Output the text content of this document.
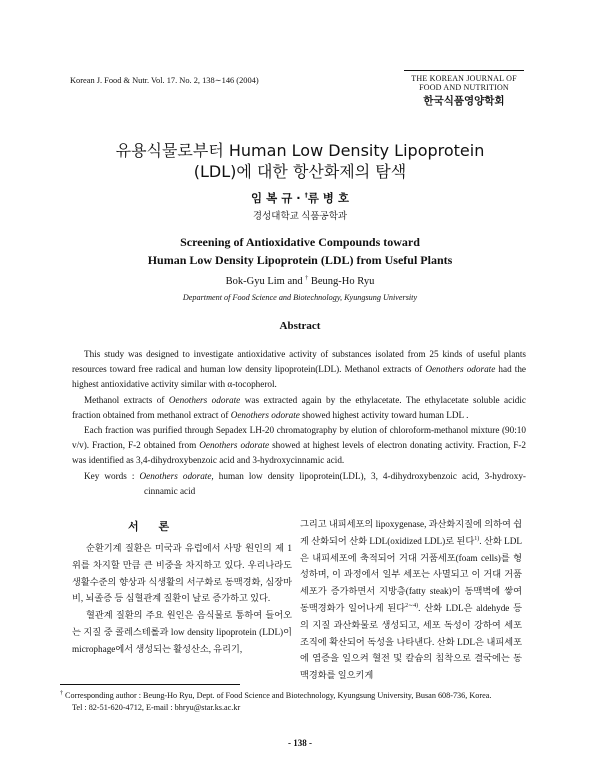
Korean J. Food & Nutr. Vol. 17. No. 2, 138∼146 (2004)	THE KOREAN JOURNAL OF
FOOD AND NUTRITION
한국식품영양학회
유용식물로부터 Human Low Density Lipoprotein
(LDL)에 대한 항산화제의 탐색
임 복 규 · †류 병 호
경성대학교 식품공학과
Screening of Antioxidative Compounds toward
Human Low Density Lipoprotein (LDL) from Useful Plants
Bok-Gyu Lim and † Beung-Ho Ryu
Department of Food Science and Biotechnology, Kyungsung University
Abstract

This study was designed to investigate antioxidative activity of substances isolated from 25 kinds of useful plants resources toward free radical and human low density lipoprotein(LDL). Methanol extracts of Oenothers odorate had the highest antioxidative activity similar with α-tocopherol.

Methanol extracts of Oenothers odorate was extracted again by the ethylacetate. The ethylacetate soluble acidic fraction obtained from methanol extract of Oenothers odorate showed highest activity toward human LDL .

Each fraction was purified through Sepadex LH-20 chromatography by elution of chloroform-methanol mixture (90:10 v/v). Fraction, F-2 obtained from Oenothers odorate showed at highest levels of electron donating activity. Fraction, F-2 was identified as 3,4-dihydroxybenzoic acid and 3-hydroxycinnamic acid.

Key words : Oenothers odorate, human low density lipoprotein(LDL), 3, 4-dihydroxybenzoic acid, 3-hydroxy-cinnamic acid

서 론

순환기계 질환은 미국과 유럽에서 사망 원인의 제 1위를 차지할 만큼 큰 비중을 차지하고 있다. 우리나라도 생활수준의 향상과 식생활의 서구화로 동맥경화, 심장마비, 뇌졸증 등 심혈관계 질환이 날로 증가하고 있다.

혈관계 질환의 주요 원인은 음식물로 통하여 들어오는 지질 중 콜레스테롤과 low density lipoprotein (LDL)이 microphage에서 생성되는 활성산소, 유리기,

그리고 내피세포의 lipoxygenase, 과산화지질에 의하여 쉽게 산화되어 산화 LDL(oxidized LDL)로 된다$^{1)}$. 산화 LDL은 내피세포에 축적되어 거대 거품세포(foam cells)를 형성하며, 이 과정에서 일부 세포는 사멸되고 이 거대 거품 세포가 증가하면서 지방층(fatty steak)이 동맥벽에 쌓여 동맥경화가 일어나게 된다$^{2\sim 4)}$. 산화 LDL은 aldehyde 등의 지질 과산화물로 생성되고, 세포 독성이 강하여 세포 조직에 확산되어 독성을 나타낸다. 산화 LDL은 내피세포에 염증을 일으켜 혈전 및 칼슘의 침착으로 결국에는 동맥경화를 일으키게

† Corresponding author : Beung-Ho Ryu, Dept. of Food Science and Biotechnology, Kyungsung University, Busan 608-736, Korea.

Tel : 82-51-620-4712, E-mail : bhryu@star.ks.ac.kr

- 138 -
